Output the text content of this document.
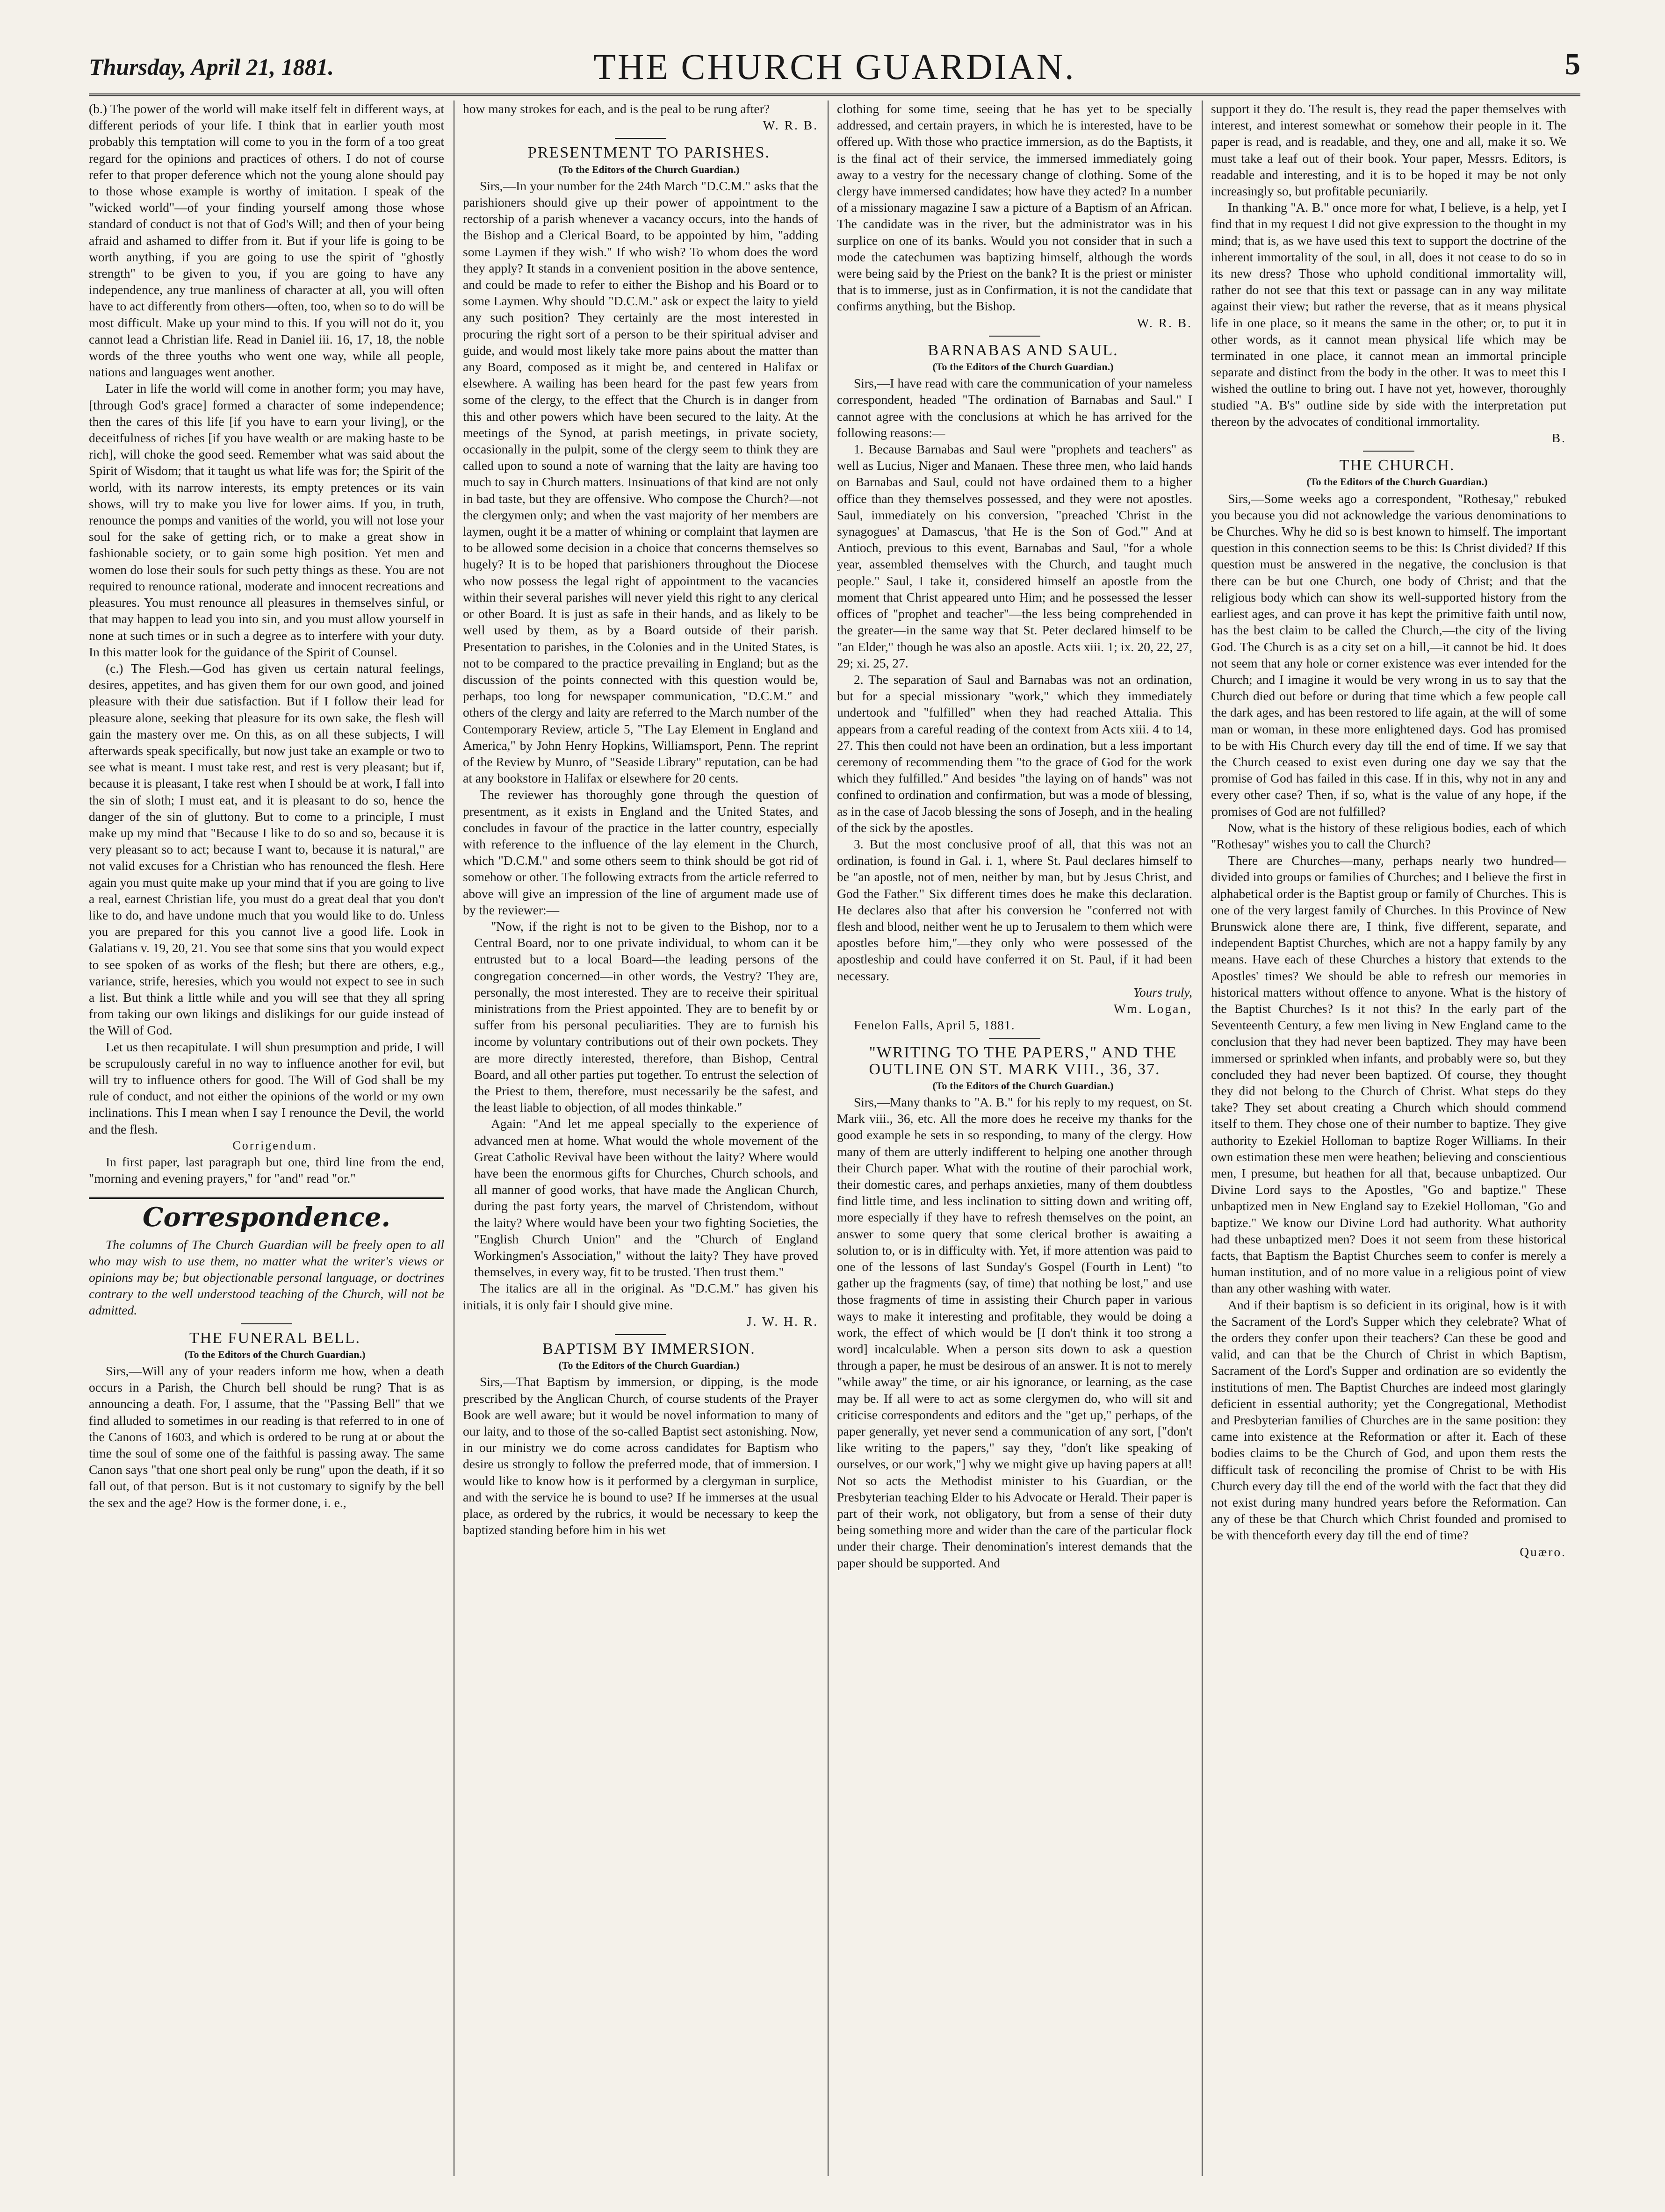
Thursday, April 21, 1881.	THE CHURCH GUARDIAN.	5

(b.) The power of the world will make itself felt in different ways, at different periods of your life. I think that in earlier youth most probably this temptation will come to you in the form of a too great regard for the opinions and practices of others. I do not of course refer to that proper deference which not the young alone should pay to those whose example is worthy of imitation. I speak of the "wicked world"—of your finding yourself among those whose standard of conduct is not that of God's Will; and then of your being afraid and ashamed to differ from it. But if your life is going to be worth anything, if you are going to use the spirit of "ghostly strength" to be given to you, if you are going to have any independence, any true manliness of character at all, you will often have to act differently from others—often, too, when so to do will be most difficult. Make up your mind to this. If you will not do it, you cannot lead a Christian life. Read in Daniel iii. 16, 17, 18, the noble words of the three youths who went one way, while all people, nations and languages went another.

Later in life the world will come in another form; you may have, [through God's grace] formed a character of some independence; then the cares of this life [if you have to earn your living], or the deceitfulness of riches [if you have wealth or are making haste to be rich], will choke the good seed. Remember what was said about the Spirit of Wisdom; that it taught us what life was for; the Spirit of the world, with its narrow interests, its empty pretences or its vain shows, will try to make you live for lower aims. If you, in truth, renounce the pomps and vanities of the world, you will not lose your soul for the sake of getting rich, or to make a great show in fashionable society, or to gain some high position. Yet men and women do lose their souls for such petty things as these. You are not required to renounce rational, moderate and innocent recreations and pleasures. You must renounce all pleasures in themselves sinful, or that may happen to lead you into sin, and you must allow yourself in none at such times or in such a degree as to interfere with your duty. In this matter look for the guidance of the Spirit of Counsel.

(c.) The Flesh.—God has given us certain natural feelings, desires, appetites, and has given them for our own good, and joined pleasure with their due satisfaction. But if I follow their lead for pleasure alone, seeking that pleasure for its own sake, the flesh will gain the mastery over me. On this, as on all these subjects, I will afterwards speak specifically, but now just take an example or two to see what is meant. I must take rest, and rest is very pleasant; but if, because it is pleasant, I take rest when I should be at work, I fall into the sin of sloth; I must eat, and it is pleasant to do so, hence the danger of the sin of gluttony. But to come to a principle, I must make up my mind that "Because I like to do so and so, because it is very pleasant so to act; because I want to, because it is natural," are not valid excuses for a Christian who has renounced the flesh. Here again you must quite make up your mind that if you are going to live a real, earnest Christian life, you must do a great deal that you don't like to do, and have undone much that you would like to do. Unless you are prepared for this you cannot live a good life. Look in Galatians v. 19, 20, 21. You see that some sins that you would expect to see spoken of as works of the flesh; but there are others, e.g., variance, strife, heresies, which you would not expect to see in such a list. But think a little while and you will see that they all spring from taking our own likings and dislikings for our guide instead of the Will of God.

Let us then recapitulate. I will shun presumption and pride, I will be scrupulously careful in no way to influence another for evil, but will try to influence others for good. The Will of God shall be my rule of conduct, and not either the opinions of the world or my own inclinations. This I mean when I say I renounce the Devil, the world and the flesh.

Corrigendum.

In first paper, last paragraph but one, third line from the end, "morning and evening prayers," for "and" read "or."

Correspondence.

The columns of The Church Guardian will be freely open to all who may wish to use them, no matter what the writer's views or opinions may be; but objectionable personal language, or doctrines contrary to the well understood teaching of the Church, will not be admitted.

THE FUNERAL BELL.

(To the Editors of the Church Guardian.)

Sirs,—Will any of your readers inform me how, when a death occurs in a Parish, the Church bell should be rung? That is as announcing a death. For, I assume, that the "Passing Bell" that we find alluded to sometimes in our reading is that referred to in one of the Canons of 1603, and which is ordered to be rung at or about the time the soul of some one of the faithful is passing away. The same Canon says "that one short peal only be rung" upon the death, if it so fall out, of that person. But is it not customary to signify by the bell the sex and the age? How is the former done, i. e.,

how many strokes for each, and is the peal to be rung after?

W. R. B.

PRESENTMENT TO PARISHES.

(To the Editors of the Church Guardian.)

Sirs,—In your number for the 24th March "D.C.M." asks that the parishioners should give up their power of appointment to the rectorship of a parish whenever a vacancy occurs, into the hands of the Bishop and a Clerical Board, to be appointed by him, "adding some Laymen if they wish." If who wish? To whom does the word they apply? It stands in a convenient position in the above sentence, and could be made to refer to either the Bishop and his Board or to some Laymen. Why should "D.C.M." ask or expect the laity to yield any such position? They certainly are the most interested in procuring the right sort of a person to be their spiritual adviser and guide, and would most likely take more pains about the matter than any Board, composed as it might be, and centered in Halifax or elsewhere. A wailing has been heard for the past few years from some of the clergy, to the effect that the Church is in danger from this and other powers which have been secured to the laity. At the meetings of the Synod, at parish meetings, in private society, occasionally in the pulpit, some of the clergy seem to think they are called upon to sound a note of warning that the laity are having too much to say in Church matters. Insinuations of that kind are not only in bad taste, but they are offensive. Who compose the Church?—not the clergymen only; and when the vast majority of her members are laymen, ought it be a matter of whining or complaint that laymen are to be allowed some decision in a choice that concerns themselves so hugely? It is to be hoped that parishioners throughout the Diocese who now possess the legal right of appointment to the vacancies within their several parishes will never yield this right to any clerical or other Board. It is just as safe in their hands, and as likely to be well used by them, as by a Board outside of their parish. Presentation to parishes, in the Colonies and in the United States, is not to be compared to the practice prevailing in England; but as the discussion of the points connected with this question would be, perhaps, too long for newspaper communication, "D.C.M." and others of the clergy and laity are referred to the March number of the Contemporary Review, article 5, "The Lay Element in England and America," by John Henry Hopkins, Williamsport, Penn. The reprint of the Review by Munro, of "Seaside Library" reputation, can be had at any bookstore in Halifax or elsewhere for 20 cents.

The reviewer has thoroughly gone through the question of presentment, as it exists in England and the United States, and concludes in favour of the practice in the latter country, especially with reference to the influence of the lay element in the Church, which "D.C.M." and some others seem to think should be got rid of somehow or other. The following extracts from the article referred to above will give an impression of the line of argument made use of by the reviewer:—

"Now, if the right is not to be given to the Bishop, nor to a Central Board, nor to one private individual, to whom can it be entrusted but to a local Board—the leading persons of the congregation concerned—in other words, the Vestry? They are, personally, the most interested. They are to receive their spiritual ministrations from the Priest appointed. They are to benefit by or suffer from his personal peculiarities. They are to furnish his income by voluntary contributions out of their own pockets. They are more directly interested, therefore, than Bishop, Central Board, and all other parties put together. To entrust the selection of the Priest to them, therefore, must necessarily be the safest, and the least liable to objection, of all modes thinkable."

Again: "And let me appeal specially to the experience of advanced men at home. What would the whole movement of the Great Catholic Revival have been without the laity? Where would have been the enormous gifts for Churches, Church schools, and all manner of good works, that have made the Anglican Church, during the past forty years, the marvel of Christendom, without the laity? Where would have been your two fighting Societies, the "English Church Union" and the "Church of England Workingmen's Association," without the laity? They have proved themselves, in every way, fit to be trusted. Then trust them."

The italics are all in the original. As "D.C.M." has given his initials, it is only fair I should give mine.

J. W. H. R.

BAPTISM BY IMMERSION.

(To the Editors of the Church Guardian.)

Sirs,—That Baptism by immersion, or dipping, is the mode prescribed by the Anglican Church, of course students of the Prayer Book are well aware; but it would be novel information to many of our laity, and to those of the so-called Baptist sect astonishing. Now, in our ministry we do come across candidates for Baptism who desire us strongly to follow the preferred mode, that of immersion. I would like to know how is it performed by a clergyman in surplice, and with the service he is bound to use? If he immerses at the usual place, as ordered by the rubrics, it would be necessary to keep the baptized standing before him in his wet

clothing for some time, seeing that he has yet to be specially addressed, and certain prayers, in which he is interested, have to be offered up. With those who practice immersion, as do the Baptists, it is the final act of their service, the immersed immediately going away to a vestry for the necessary change of clothing. Some of the clergy have immersed candidates; how have they acted? In a number of a missionary magazine I saw a picture of a Baptism of an African. The candidate was in the river, but the administrator was in his surplice on one of its banks. Would you not consider that in such a mode the catechumen was baptizing himself, although the words were being said by the Priest on the bank? It is the priest or minister that is to immerse, just as in Confirmation, it is not the candidate that confirms anything, but the Bishop.

W. R. B.

BARNABAS AND SAUL.

(To the Editors of the Church Guardian.)

Sirs,—I have read with care the communication of your nameless correspondent, headed "The ordination of Barnabas and Saul." I cannot agree with the conclusions at which he has arrived for the following reasons:—

1. Because Barnabas and Saul were "prophets and teachers" as well as Lucius, Niger and Manaen. These three men, who laid hands on Barnabas and Saul, could not have ordained them to a higher office than they themselves possessed, and they were not apostles. Saul, immediately on his conversion, "preached 'Christ in the synagogues' at Damascus, 'that He is the Son of God.'" And at Antioch, previous to this event, Barnabas and Saul, "for a whole year, assembled themselves with the Church, and taught much people." Saul, I take it, considered himself an apostle from the moment that Christ appeared unto Him; and he possessed the lesser offices of "prophet and teacher"—the less being comprehended in the greater—in the same way that St. Peter declared himself to be "an Elder," though he was also an apostle. Acts xiii. 1; ix. 20, 22, 27, 29; xi. 25, 27.

2. The separation of Saul and Barnabas was not an ordination, but for a special missionary "work," which they immediately undertook and "fulfilled" when they had reached Attalia. This appears from a careful reading of the context from Acts xiii. 4 to 14, 27. This then could not have been an ordination, but a less important ceremony of recommending them "to the grace of God for the work which they fulfilled." And besides "the laying on of hands" was not confined to ordination and confirmation, but was a mode of blessing, as in the case of Jacob blessing the sons of Joseph, and in the healing of the sick by the apostles.

3. But the most conclusive proof of all, that this was not an ordination, is found in Gal. i. 1, where St. Paul declares himself to be "an apostle, not of men, neither by man, but by Jesus Christ, and God the Father." Six different times does he make this declaration. He declares also that after his conversion he "conferred not with flesh and blood, neither went he up to Jerusalem to them which were apostles before him,"—they only who were possessed of the apostleship and could have conferred it on St. Paul, if it had been necessary.

Yours truly,

Wm. Logan,

Fenelon Falls, April 5, 1881.

"WRITING TO THE PAPERS," AND THE OUTLINE ON ST. MARK VIII., 36, 37.

(To the Editors of the Church Guardian.)

Sirs,—Many thanks to "A. B." for his reply to my request, on St. Mark viii., 36, etc. All the more does he receive my thanks for the good example he sets in so responding, to many of the clergy. How many of them are utterly indifferent to helping one another through their Church paper. What with the routine of their parochial work, their domestic cares, and perhaps anxieties, many of them doubtless find little time, and less inclination to sitting down and writing off, more especially if they have to refresh themselves on the point, an answer to some query that some clerical brother is awaiting a solution to, or is in difficulty with. Yet, if more attention was paid to one of the lessons of last Sunday's Gospel (Fourth in Lent) "to gather up the fragments (say, of time) that nothing be lost," and use those fragments of time in assisting their Church paper in various ways to make it interesting and profitable, they would be doing a work, the effect of which would be [I don't think it too strong a word] incalculable. When a person sits down to ask a question through a paper, he must be desirous of an answer. It is not to merely "while away" the time, or air his ignorance, or learning, as the case may be. If all were to act as some clergymen do, who will sit and criticise correspondents and editors and the "get up," perhaps, of the paper generally, yet never send a communication of any sort, ["don't like writing to the papers," say they, "don't like speaking of ourselves, or our work,"] why we might give up having papers at all! Not so acts the Methodist minister to his Guardian, or the Presbyterian teaching Elder to his Advocate or Herald. Their paper is part of their work, not obligatory, but from a sense of their duty being something more and wider than the care of the particular flock under their charge. Their denomination's interest demands that the paper should be supported. And

support it they do. The result is, they read the paper themselves with interest, and interest somewhat or somehow their people in it. The paper is read, and is readable, and they, one and all, make it so. We must take a leaf out of their book. Your paper, Messrs. Editors, is readable and interesting, and it is to be hoped it may be not only increasingly so, but profitable pecuniarily.

In thanking "A. B." once more for what, I believe, is a help, yet I find that in my request I did not give expression to the thought in my mind; that is, as we have used this text to support the doctrine of the inherent immortality of the soul, in all, does it not cease to do so in its new dress? Those who uphold conditional immortality will, rather do not see that this text or passage can in any way militate against their view; but rather the reverse, that as it means physical life in one place, so it means the same in the other; or, to put it in other words, as it cannot mean physical life which may be terminated in one place, it cannot mean an immortal principle separate and distinct from the body in the other. It was to meet this I wished the outline to bring out. I have not yet, however, thoroughly studied "A. B's" outline side by side with the interpretation put thereon by the advocates of conditional immortality.

B.

THE CHURCH.

(To the Editors of the Church Guardian.)

Sirs,—Some weeks ago a correspondent, "Rothesay," rebuked you because you did not acknowledge the various denominations to be Churches. Why he did so is best known to himself. The important question in this connection seems to be this: Is Christ divided? If this question must be answered in the negative, the conclusion is that there can be but one Church, one body of Christ; and that the religious body which can show its well-supported history from the earliest ages, and can prove it has kept the primitive faith until now, has the best claim to be called the Church,—the city of the living God. The Church is as a city set on a hill,—it cannot be hid. It does not seem that any hole or corner existence was ever intended for the Church; and I imagine it would be very wrong in us to say that the Church died out before or during that time which a few people call the dark ages, and has been restored to life again, at the will of some man or woman, in these more enlightened days. God has promised to be with His Church every day till the end of time. If we say that the Church ceased to exist even during one day we say that the promise of God has failed in this case. If in this, why not in any and every other case? Then, if so, what is the value of any hope, if the promises of God are not fulfilled?

Now, what is the history of these religious bodies, each of which "Rothesay" wishes you to call the Church?

There are Churches—many, perhaps nearly two hundred—divided into groups or families of Churches; and I believe the first in alphabetical order is the Baptist group or family of Churches. This is one of the very largest family of Churches. In this Province of New Brunswick alone there are, I think, five different, separate, and independent Baptist Churches, which are not a happy family by any means. Have each of these Churches a history that extends to the Apostles' times? We should be able to refresh our memories in historical matters without offence to anyone. What is the history of the Baptist Churches? Is it not this? In the early part of the Seventeenth Century, a few men living in New England came to the conclusion that they had never been baptized. They may have been immersed or sprinkled when infants, and probably were so, but they concluded they had never been baptized. Of course, they thought they did not belong to the Church of Christ. What steps do they take? They set about creating a Church which should commend itself to them. They chose one of their number to baptize. They give authority to Ezekiel Holloman to baptize Roger Williams. In their own estimation these men were heathen; believing and conscientious men, I presume, but heathen for all that, because unbaptized. Our Divine Lord says to the Apostles, "Go and baptize." These unbaptized men in New England say to Ezekiel Holloman, "Go and baptize." We know our Divine Lord had authority. What authority had these unbaptized men? Does it not seem from these historical facts, that Baptism the Baptist Churches seem to confer is merely a human institution, and of no more value in a religious point of view than any other washing with water.

And if their baptism is so deficient in its original, how is it with the Sacrament of the Lord's Supper which they celebrate? What of the orders they confer upon their teachers? Can these be good and valid, and can that be the Church of Christ in which Baptism, Sacrament of the Lord's Supper and ordination are so evidently the institutions of men. The Baptist Churches are indeed most glaringly deficient in essential authority; yet the Congregational, Methodist and Presbyterian families of Churches are in the same position: they came into existence at the Reformation or after it. Each of these bodies claims to be the Church of God, and upon them rests the difficult task of reconciling the promise of Christ to be with His Church every day till the end of the world with the fact that they did not exist during many hundred years before the Reformation. Can any of these be that Church which Christ founded and promised to be with thenceforth every day till the end of time?

Quæro.
